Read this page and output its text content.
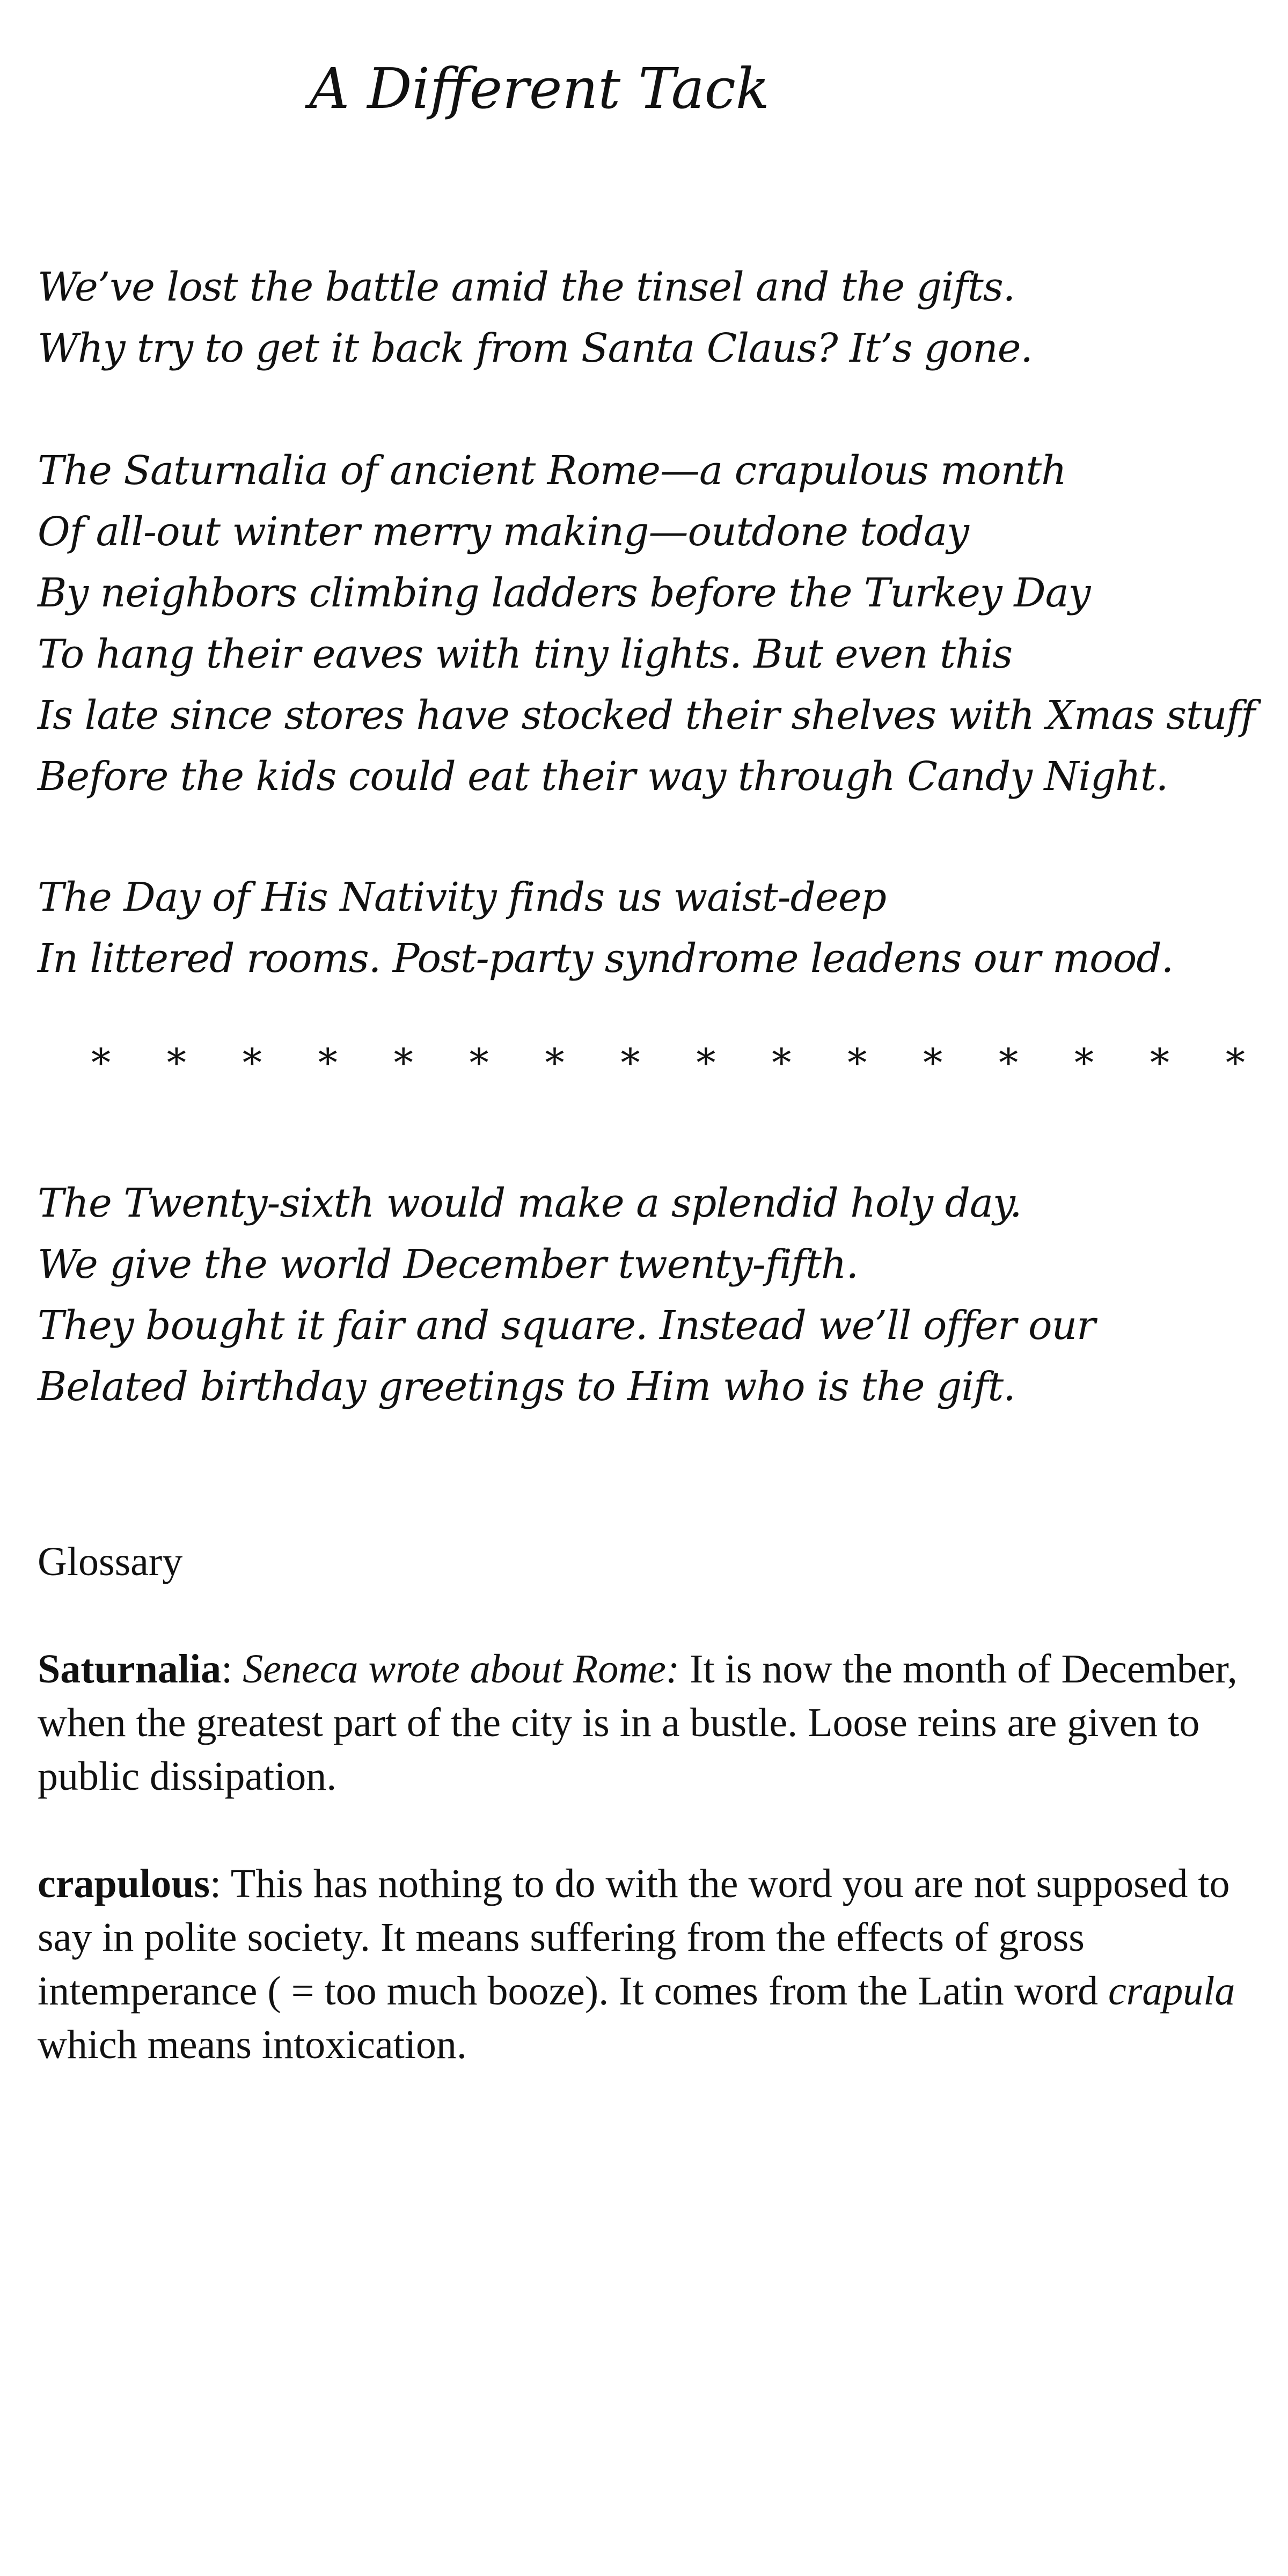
A Different Tack
We’ve lost the battle amid the tinsel and the gifts.
Why try to get it back from Santa Claus? It’s gone.
The Saturnalia of ancient Rome—a crapulous month
Of all-out winter merry making—outdone today
By neighbors climbing ladders before the Turkey Day
To hang their eaves with tiny lights. But even this
Is late since stores have stocked their shelves with Xmas stuff
Before the kids could eat their way through Candy Night.
The Day of His Nativity finds us waist-deep
In littered rooms. Post-party syndrome leadens our mood.
* * * * * * * * * * * * * * * *
The Twenty-sixth would make a splendid holy day.
We give the world December twenty-fifth.
They bought it fair and square. Instead we’ll offer our
Belated birthday greetings to Him who is the gift.
Glossary
Saturnalia: Seneca wrote about Rome: It is now the month of December, when the greatest part of the city is in a bustle. Loose reins are given to public dissipation.
crapulous: This has nothing to do with the word you are not supposed to say in polite society. It means suffering from the effects of gross intemperance ( = too much booze). It comes from the Latin word crapula which means intoxication.
